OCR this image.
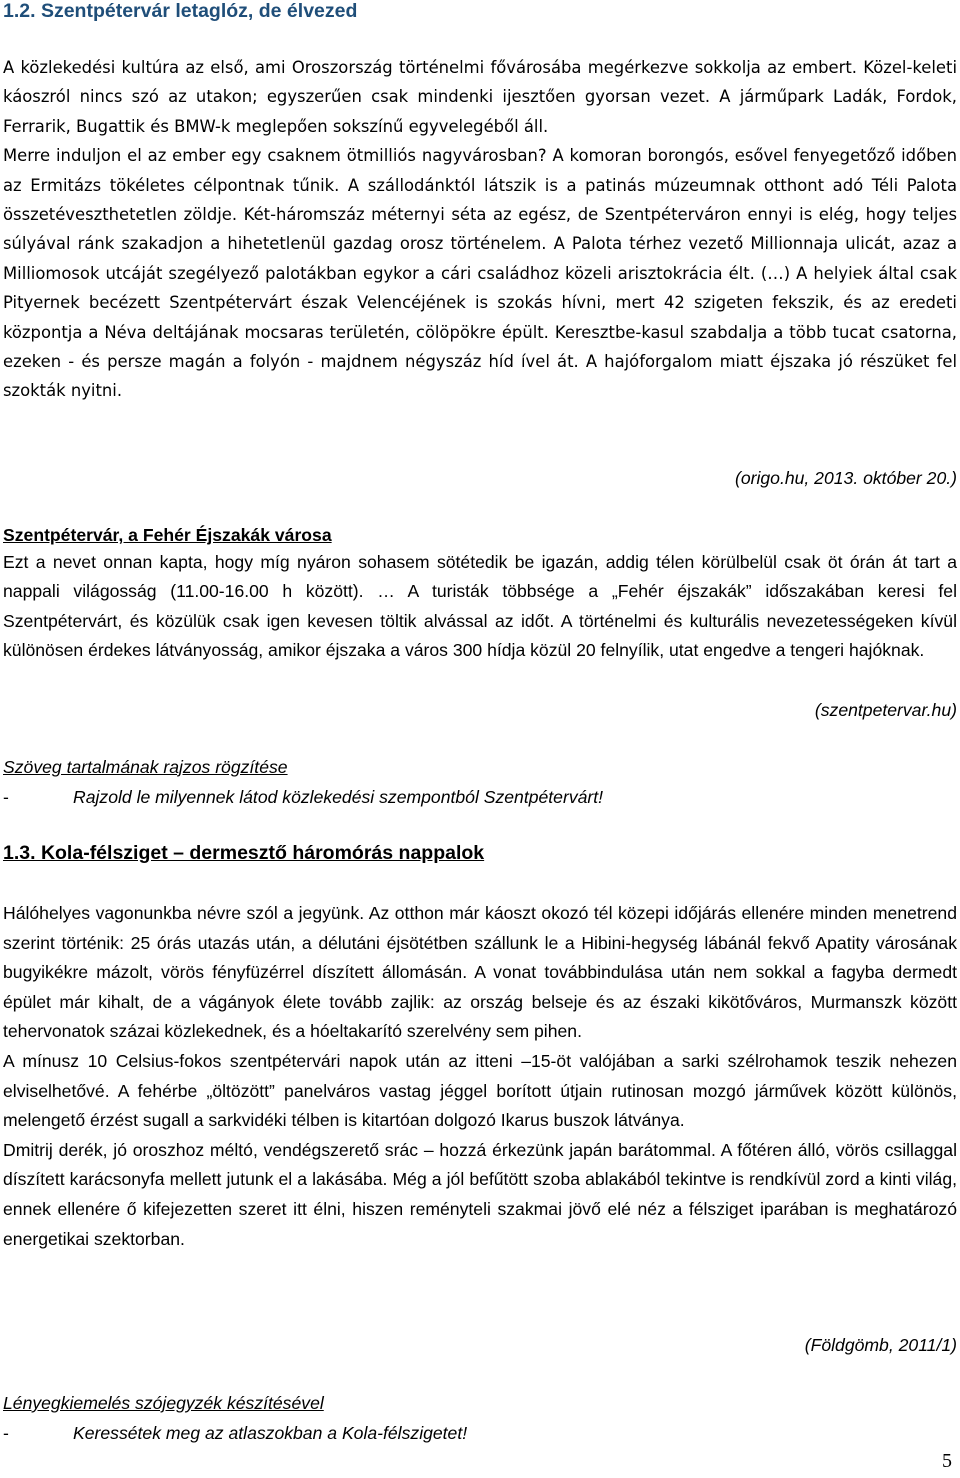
1.2. Szentpétervár letaglóz, de élvezed

A közlekedési kultúra az első, ami Oroszország történelmi fővárosába megérkezve sokkolja az embert. Közel-keleti káoszról nincs szó az utakon; egyszerűen csak mindenki ijesztően gyorsan vezet. A járműpark Ladák, Fordok, Ferrarik, Bugattik és BMW-k meglepően sokszínű egyvelegéből áll.

Merre induljon el az ember egy csaknem ötmilliós nagyvárosban? A komoran borongós, esővel fenyegetőző időben az Ermitázs tökéletes célpontnak tűnik. A szállodánktól látszik is a patinás múzeumnak otthont adó Téli Palota összetéveszthetetlen zöldje. Két-háromszáz méternyi séta az egész, de Szentpéterváron ennyi is elég, hogy teljes súlyával ránk szakadjon a hihetetlenül gazdag orosz történelem. A Palota térhez vezető Millionnaja ulicát, azaz a Milliomosok utcáját szegélyező palotákban egykor a cári családhoz közeli arisztokrácia élt. (…) A helyiek által csak Pityernek becézett Szentpétervárt észak Velencéjének is szokás hívni, mert 42 szigeten fekszik, és az eredeti központja a Néva deltájának mocsaras területén, cölöpökre épült. Keresztbe-kasul szabdalja a több tucat csatorna, ezeken - és persze magán a folyón - majdnem négyszáz híd ível át. A hajóforgalom miatt éjszaka jó részüket fel szokták nyitni.

(origo.hu, 2013. október 20.)
Szentpétervár, a Fehér Éjszakák városa

Ezt a nevet onnan kapta, hogy míg nyáron sohasem sötétedik be igazán, addig télen körülbelül csak öt órán át tart a nappali világosság (11.00-16.00 h között). … A turisták többsége a „Fehér éjszakák” időszakában keresi fel Szentpétervárt, és közülük csak igen kevesen töltik alvással az időt. A történelmi és kulturális nevezetességeken kívül különösen érdekes látványosság, amikor éjszaka a város 300 hídja közül 20 felnyílik, utat engedve a tengeri hajóknak.

(szentpetervar.hu)
Szöveg tartalmának rajzos rögzítése
-	Rajzold le milyennek látod közlekedési szempontból Szentpétervárt!
1.3. Kola-félsziget – dermesztő háromórás nappalok

Hálóhelyes vagonunkba névre szól a jegyünk. Az otthon már káoszt okozó tél közepi időjárás ellenére minden menetrend szerint történik: 25 órás utazás után, a délutáni éjsötétben szállunk le a Hibini-hegység lábánál fekvő Apatity városának bugyikékre mázolt, vörös fényfüzérrel díszített állomásán. A vonat továbbindulása után nem sokkal a fagyba dermedt épület már kihalt, de a vágányok élete tovább zajlik: az ország belseje és az északi kikötőváros, Murmanszk között tehervonatok százai közlekednek, és a hóeltakarító szerelvény sem pihen.

A mínusz 10 Celsius-fokos szentpétervári napok után az itteni –15-öt valójában a sarki szélrohamok teszik nehezen elviselhetővé. A fehérbe „öltözött” panelváros vastag jéggel borított útjain rutinosan mozgó járművek között különös, melengető érzést sugall a sarkvidéki télben is kitartóan dolgozó Ikarus buszok látványa.

Dmitrij derék, jó oroszhoz méltó, vendégszerető srác – hozzá érkezünk japán barátommal. A főtéren álló, vörös csillaggal díszített karácsonyfa mellett jutunk el a lakásába. Még a jól befűtött szoba ablakából tekintve is rendkívül zord a kinti világ, ennek ellenére ő kifejezetten szeret itt élni, hiszen reményteli szakmai jövő elé néz a félsziget iparában is meghatározó energetikai szektorban.

(Földgömb, 2011/1)
Lényegkiemelés szójegyzék készítésével
-	Keressétek meg az atlaszokban a Kola-félszigetet!
5
